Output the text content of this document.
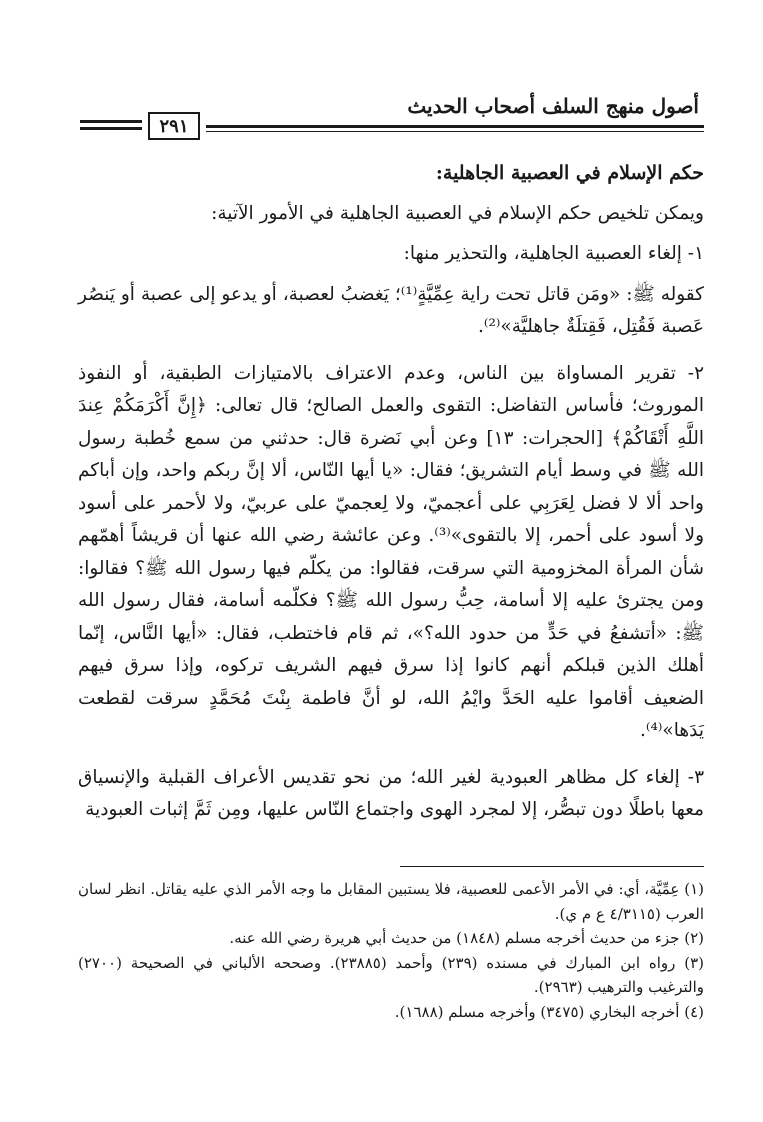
أصول منهج السلف أصحاب الحديث
٢٩١

حكم الإسلام في العصبية الجاهلية:

ويمكن تلخيص حكم الإسلام في العصبية الجاهلية في الأمور الآتية:

١- إلغاء العصبية الجاهلية، والتحذير منها:

كقوله ﷺ: «ومَن قاتل تحت راية عِمِّيَّةٍ⁽¹⁾؛ يَغضبُ لعصبة، أو يدعو إلى عصبة أو يَنصُر عَصبة فَقُتِل، فَقِتلَةٌ جاهليَّة»⁽²⁾.

٢- تقرير المساواة بين الناس، وعدم الاعتراف بالامتيازات الطبقية، أو النفوذ الموروث؛ فأساس التفاضل: التقوى والعمل الصالح؛ قال تعالى: ﴿إِنَّ أَكْرَمَكُمْ عِندَ اللَّهِ أَتْقَاكُمْ﴾ [الحجرات: ١٣] وعن أبي نَضرة قال: حدثني من سمع خُطبة رسول الله ﷺ في وسط أيام التشريق؛ فقال: «يا أيها النّاس، ألا إنَّ ربكم واحد، وإن أباكم واحد ألا لا فضل لِعَرَبِي على أعجميّ، ولا لِعجميّ على عربيّ، ولا لأحمر على أسود ولا أسود على أحمر، إلا بالتقوى»⁽³⁾. وعن عائشة رضي الله عنها أن قريشاً أهمّهم شأن المرأة المخزومية التي سرقت، فقالوا: من يكلّم فيها رسول الله ﷺ؟ فقالوا: ومن يجترئ عليه إلا أسامة، حِبُّ رسول الله ﷺ؟ فكلّمه أسامة، فقال رسول الله ﷺ: «أتشفعُ في حَدٍّ من حدود الله؟»، ثم قام فاختطب، فقال: «أيها النَّاس، إنّما أهلك الذين قبلكم أنهم كانوا إذا سرق فيهم الشريف تركوه، وإذا سرق فيهم الضعيف أقاموا عليه الحَدَّ وايْمُ الله، لو أنَّ فاطمة بِنْتَ مُحَمَّدٍ سرقت لقطعت يَدَها»⁽⁴⁾.

٣- إلغاء كل مظاهر العبودية لغير الله؛ من نحو تقديس الأعراف القبلية والإنسياق معها باطلًا دون تبصُّر، إلا لمجرد الهوى واجتماع النّاس عليها، ومِن ثَمَّ إثبات العبودية

(١) عِمِّيَّة، أي: في الأمر الأعمى للعصبية، فلا يستبين المقابل ما وجه الأمر الذي عليه يقاتل. انظر لسان العرب (٤/٣١١٥ ع م ي).

(٢) جزء من حديث أخرجه مسلم (١٨٤٨) من حديث أبي هريرة رضي الله عنه.

(٣) رواه ابن المبارك في مسنده (٢٣٩) وأحمد (٢٣٨٨٥). وصححه الألباني في الصحيحة (٢٧٠٠) والترغيب والترهيب (٢٩٦٣).

(٤) أخرجه البخاري (٣٤٧٥) وأخرجه مسلم (١٦٨٨).
